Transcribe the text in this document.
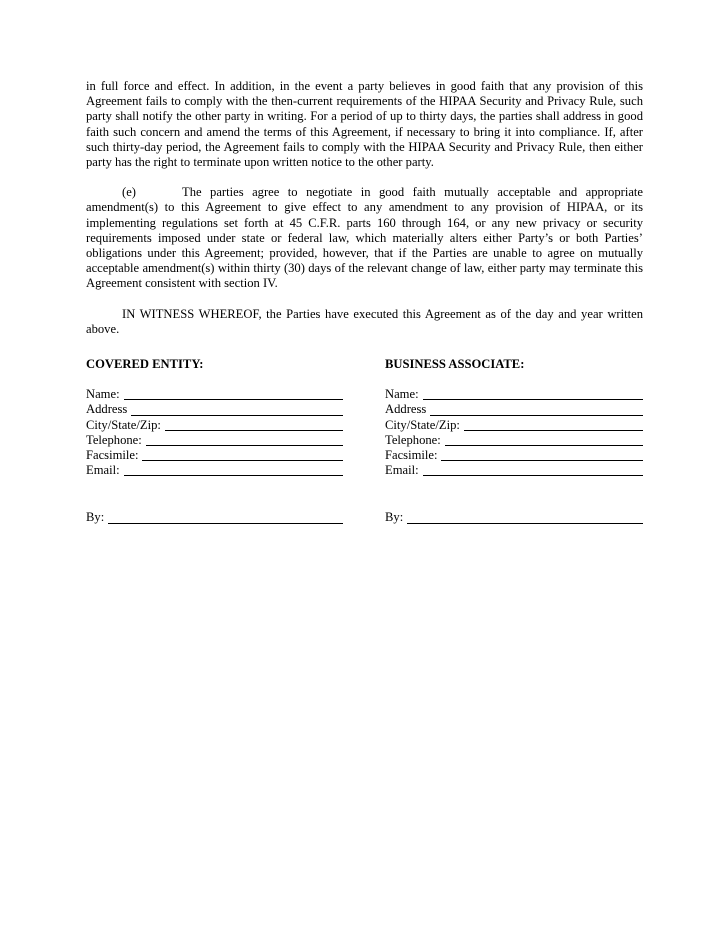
in full force and effect. In addition, in the event a party believes in good faith that any provision of this Agreement fails to comply with the then-current requirements of the HIPAA Security and Privacy Rule, such party shall notify the other party in writing. For a period of up to thirty days, the parties shall address in good faith such concern and amend the terms of this Agreement, if necessary to bring it into compliance. If, after such thirty-day period, the Agreement fails to comply with the HIPAA Security and Privacy Rule, then either party has the right to terminate upon written notice to the other party.

(e)	The parties agree to negotiate in good faith mutually acceptable and appropriate amendment(s) to this Agreement to give effect to any amendment to any provision of HIPAA, or its implementing regulations set forth at 45 C.F.R. parts 160 through 164, or any new privacy or security requirements imposed under state or federal law, which materially alters either Party’s or both Parties’ obligations under this Agreement; provided, however, that if the Parties are unable to agree on mutually acceptable amendment(s) within thirty (30) days of the relevant change of law, either party may terminate this Agreement consistent with section IV.

IN WITNESS WHEREOF, the Parties have executed this Agreement as of the day and year written above.

COVERED ENTITY:
Name:
Address
City/State/Zip:
Telephone:
Facsimile:
Email:
By:
BUSINESS ASSOCIATE:
Name:
Address
City/State/Zip:
Telephone:
Facsimile:
Email:
By:
